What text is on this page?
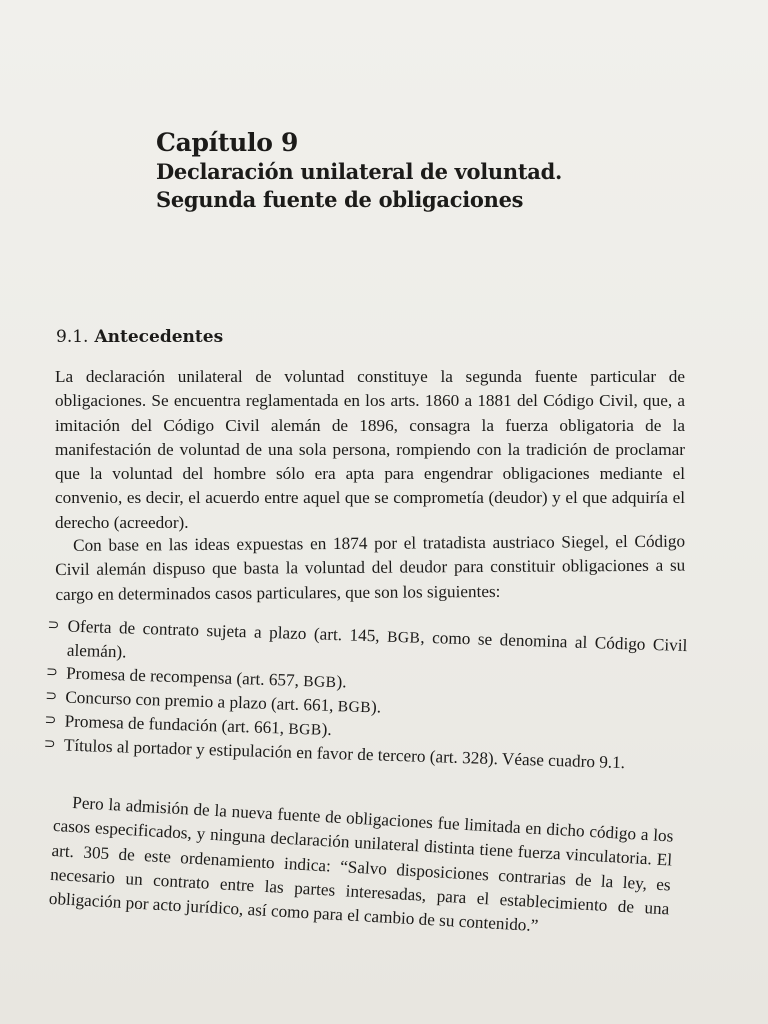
Capítulo 9
Declaración unilateral de voluntad.
Segunda fuente de obligaciones
9.1. Antecedentes

La declaración unilateral de voluntad constituye la segunda fuente particular de obligaciones. Se encuentra reglamentada en los arts. 1860 a 1881 del Código Civil, que, a imitación del Código Civil alemán de 1896, consagra la fuerza obligatoria de la manifestación de voluntad de una sola persona, rompiendo con la tradición de proclamar que la voluntad del hombre sólo era apta para engendrar obligaciones mediante el convenio, es decir, el acuerdo entre aquel que se comprometía (deudor) y el que adquiría el derecho (acreedor).

Con base en las ideas expuestas en 1874 por el tratadista austriaco Siegel, el Código Civil alemán dispuso que basta la voluntad del deudor para constituir obligaciones a su cargo en determinados casos particulares, que son los siguientes:

⊃ Oferta de contrato sujeta a plazo (art. 145, BGB, como se denomina al Código Civil alemán).
⊃ Promesa de recompensa (art. 657, BGB).
⊃ Concurso con premio a plazo (art. 661, BGB).
⊃ Promesa de fundación (art. 661, BGB).
⊃ Títulos al portador y estipulación en favor de tercero (art. 328). Véase cuadro 9.1.

Pero la admisión de la nueva fuente de obligaciones fue limitada en dicho código a los casos especificados, y ninguna declaración unilateral distinta tiene fuerza vinculatoria. El art. 305 de este ordenamiento indica: “Salvo disposiciones contrarias de la ley, es necesario un contrato entre las partes interesadas, para el establecimiento de una obligación por acto jurídico, así como para el cambio de su contenido.”
